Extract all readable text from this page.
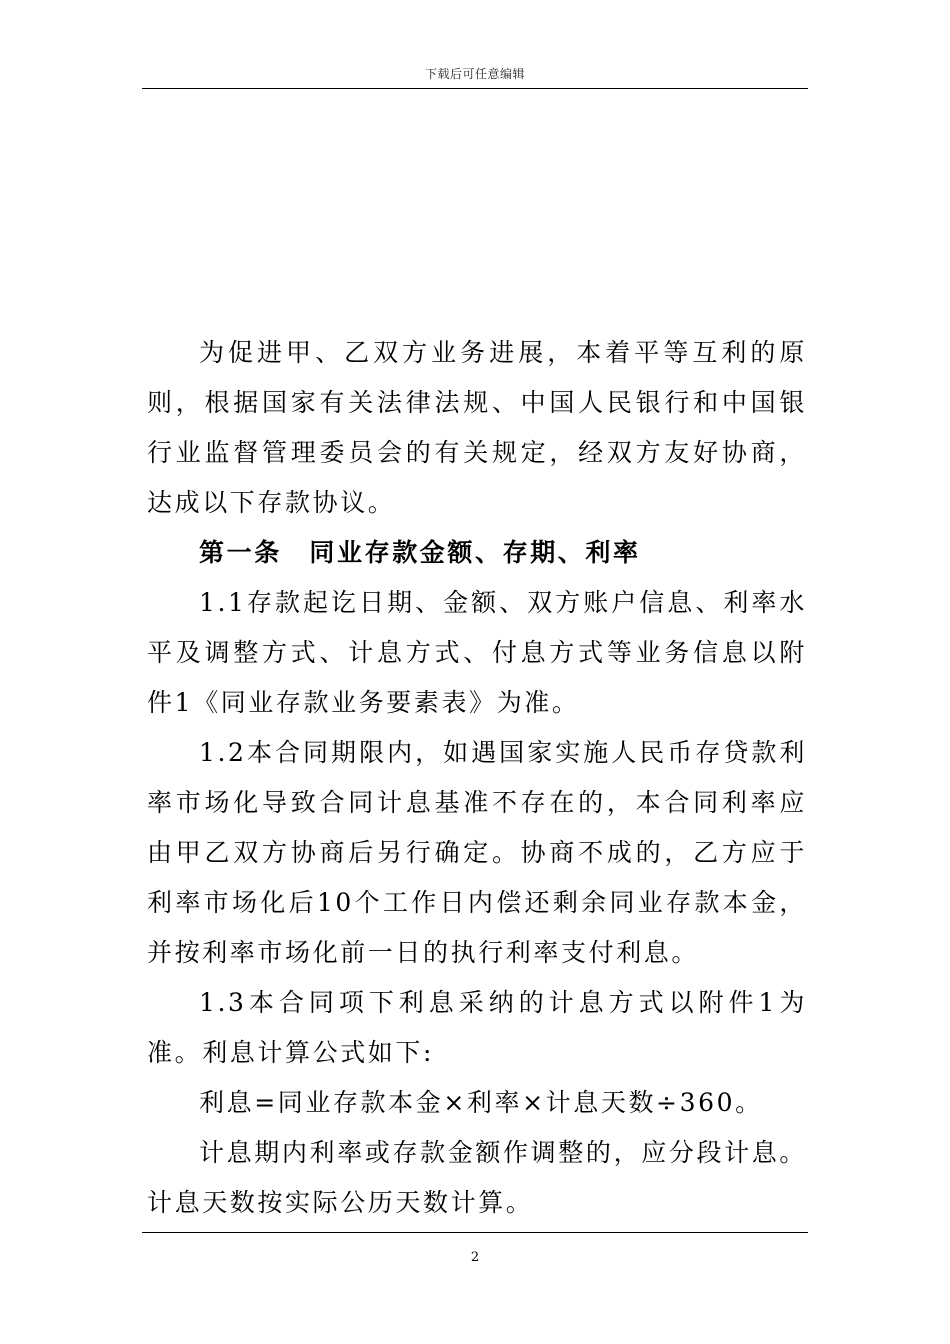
下载后可任意编辑

为促进甲、乙双方业务进展，本着平等互利的原则，根据国家有关法律法规、中国人民银行和中国银行业监督管理委员会的有关规定，经双方友好协商，达成以下存款协议。

第一条　同业存款金额、存期、利率

1.1存款起讫日期、金额、双方账户信息、利率水平及调整方式、计息方式、付息方式等业务信息以附件1《同业存款业务要素表》为准。

1.2本合同期限内，如遇国家实施人民币存贷款利率市场化导致合同计息基准不存在的，本合同利率应由甲乙双方协商后另行确定。协商不成的，乙方应于利率市场化后10个工作日内偿还剩余同业存款本金，并按利率市场化前一日的执行利率支付利息。

1.3本合同项下利息采纳的计息方式以附件1为准。利息计算公式如下:

利息=同业存款本金×利率×计息天数÷360。

计息期内利率或存款金额作调整的，应分段计息。计息天数按实际公历天数计算。

2
